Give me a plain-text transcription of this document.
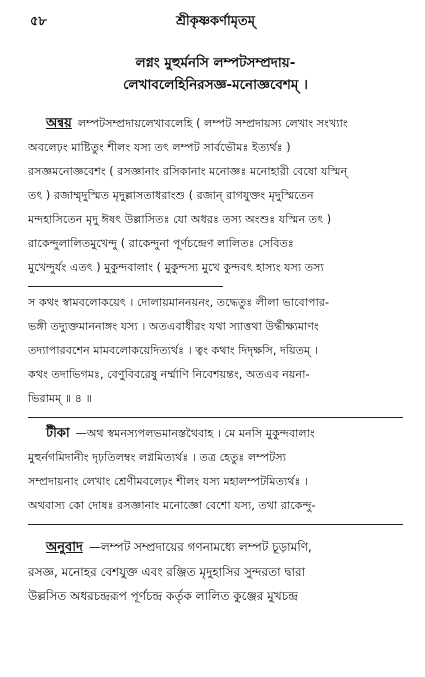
৫৮	শ্রীকৃষ্ণকর্ণামৃতম্
লগ্নং মুহুর্মনসি লম্পটসম্প্রদায়-
লেখাবলেহিনিরসজ্ঞ-মনোজ্ঞবেশম্ ।
অন্বয় লম্পটসম্প্রদায়লেখাবলেহি ( লম্পট সম্প্রদায়স্য লেখাং সংখ্যাং
অবলেঢ়ং মাষ্টিতুং শীলং যস্য তৎ লম্পট সার্বভৌমঃ ইত্যর্থঃ )
রসজ্ঞমনোজ্ঞবেশং ( রসজ্ঞানাং রসিকানাং মনোজ্ঞঃ মনোহারী বেষো যস্মিন্
তৎ ) রজাম্মৃদুস্মিত মৃদুল্লাসতাধরাংশু ( রজান্ রাগযুক্তং মৃদুস্মিতেন
মন্দহাসিতেন মৃদু ঈষৎ উল্লাসিতঃ যো অধরঃ তস্য অংশুঃ যস্মিন তৎ )
রাকেন্দুলালিতমুখেন্দু ( রাকেন্দুনা পূর্ণচন্দ্রেণ লালিতঃ সেবিতঃ
মুখেন্দুর্যং এতৎ ) মুকুন্দবালাং ( মুকুন্দস্য মুখে কুন্দবৎ হাস্যং যস্য তস্য
স কথং স্বামবলোকয়েৎ । দোলায়মাননয়নং, তদ্ধেতুঃ লীলা ভাবোপার-
ভঙ্গী তদ্যুক্তমাননাঙ্গং যস্য । অতএবাধীরং যথা স্যাত্তথা উর্দ্ধীক্ষ্যমাণং
তদ্যাপারবশেন মামবলোকয়েদিত্যর্থঃ । ত্বং কথাং দিদৃক্ষসি, দয়িতম্ ।
কথং তদাভিগমঃ, বেণুবিবরেষু নর্ম্মাণি নিবেশয়ন্তং, অতএব নয়না-
ভিরামম্ ॥ ৪ ॥
টীকা —অথ স্বমনস্যপলভমানস্তথৈবাহ । মে মনসি মুকুন্দবালাং
মুহুর্নগমিদানীং দৃঢ়তিলম্বং লগ্নমিত্যর্থঃ । তত্র হেতুঃ লম্পটস্য
সম্প্রদায়নাং লেখাং শ্রেণীমবলেঢ়ং শীলং যস্য মহালম্পটমিত্যর্থঃ ।
অথবাস্য কো দোষঃ রসজ্ঞানাং মনোজ্ঞো বেশো যস্য, তথা রাকেন্দু-
অনুবাদ —লম্পট সম্প্রদায়ের গণনামধ্যে লম্পট চূড়ামণি,
রসজ্ঞ, মনোহর বেশযুক্ত এবং রঞ্জিত মৃদুহাসির সুন্দরতা দ্বারা
উল্লসিত অধরচন্দ্ররূপ পূর্ণচন্দ্র কর্তৃক লালিত কুঞ্জের মুখচন্দ্র
